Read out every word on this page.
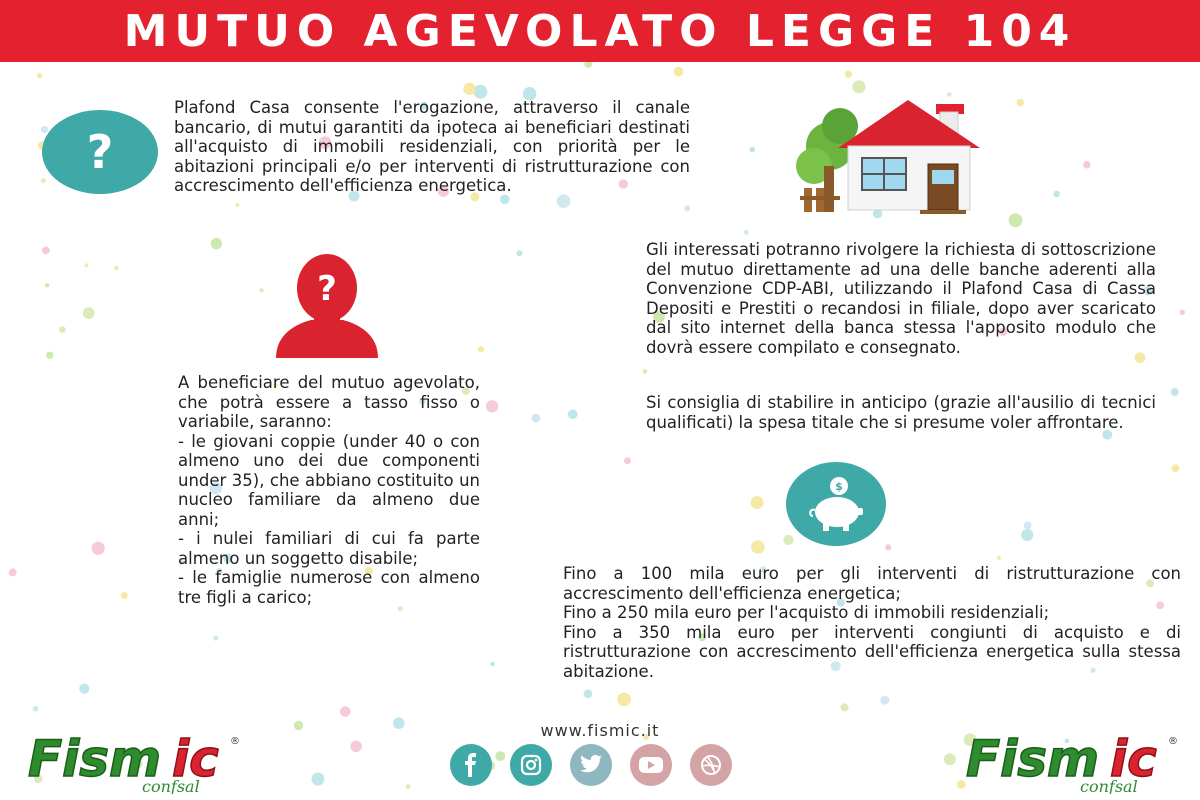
MUTUO AGEVOLATO LEGGE 104
?

Plafond Casa consente l'erogazione, attraverso il canale bancario, di mutui garantiti da ipoteca ai beneficiari destinati all'acquisto di immobili residenziali, con priorità per le abitazioni principali e/o per interventi di ristrutturazione con accrescimento dell'efficienza energetica.

?
Gli interessati potranno rivolgere la richiesta di sottoscrizione del mutuo direttamente ad una delle banche aderenti alla Convenzione CDP-ABI, utilizzando il Plafond Casa di Cassa Depositi e Prestiti o recandosi in filiale, dopo aver scaricato dal sito internet della banca stessa l'apposito modulo che dovrà essere compilato e consegnato.
Si consiglia di stabilire in anticipo (grazie all'ausilio di tecnici qualificati) la spesa titale che si presume voler affrontare.
A beneficiare del mutuo agevolato, che potrà essere a tasso fisso o variabile, saranno:
- le giovani coppie (under 40 o con almeno uno dei due componenti under 35), che abbiano costituito un nucleo familiare da almeno due anni;
- i nulei familiari di cui fa parte almeno un soggetto disabile;
- le famiglie numerose con almeno tre figli a carico;
$
Fino a 100 mila euro per gli interventi di ristrutturazione con accrescimento dell'efficienza energetica;
Fino a 250 mila euro per l'acquisto di immobili residenziali;
Fino a 350 mila euro per interventi congiunti di acquisto e di ristrutturazione con accrescimento dell'efficienza energetica sulla stessa abitazione.
www.fismic.it
Fism ic
confsal
®	Fism ic
confsal
®
